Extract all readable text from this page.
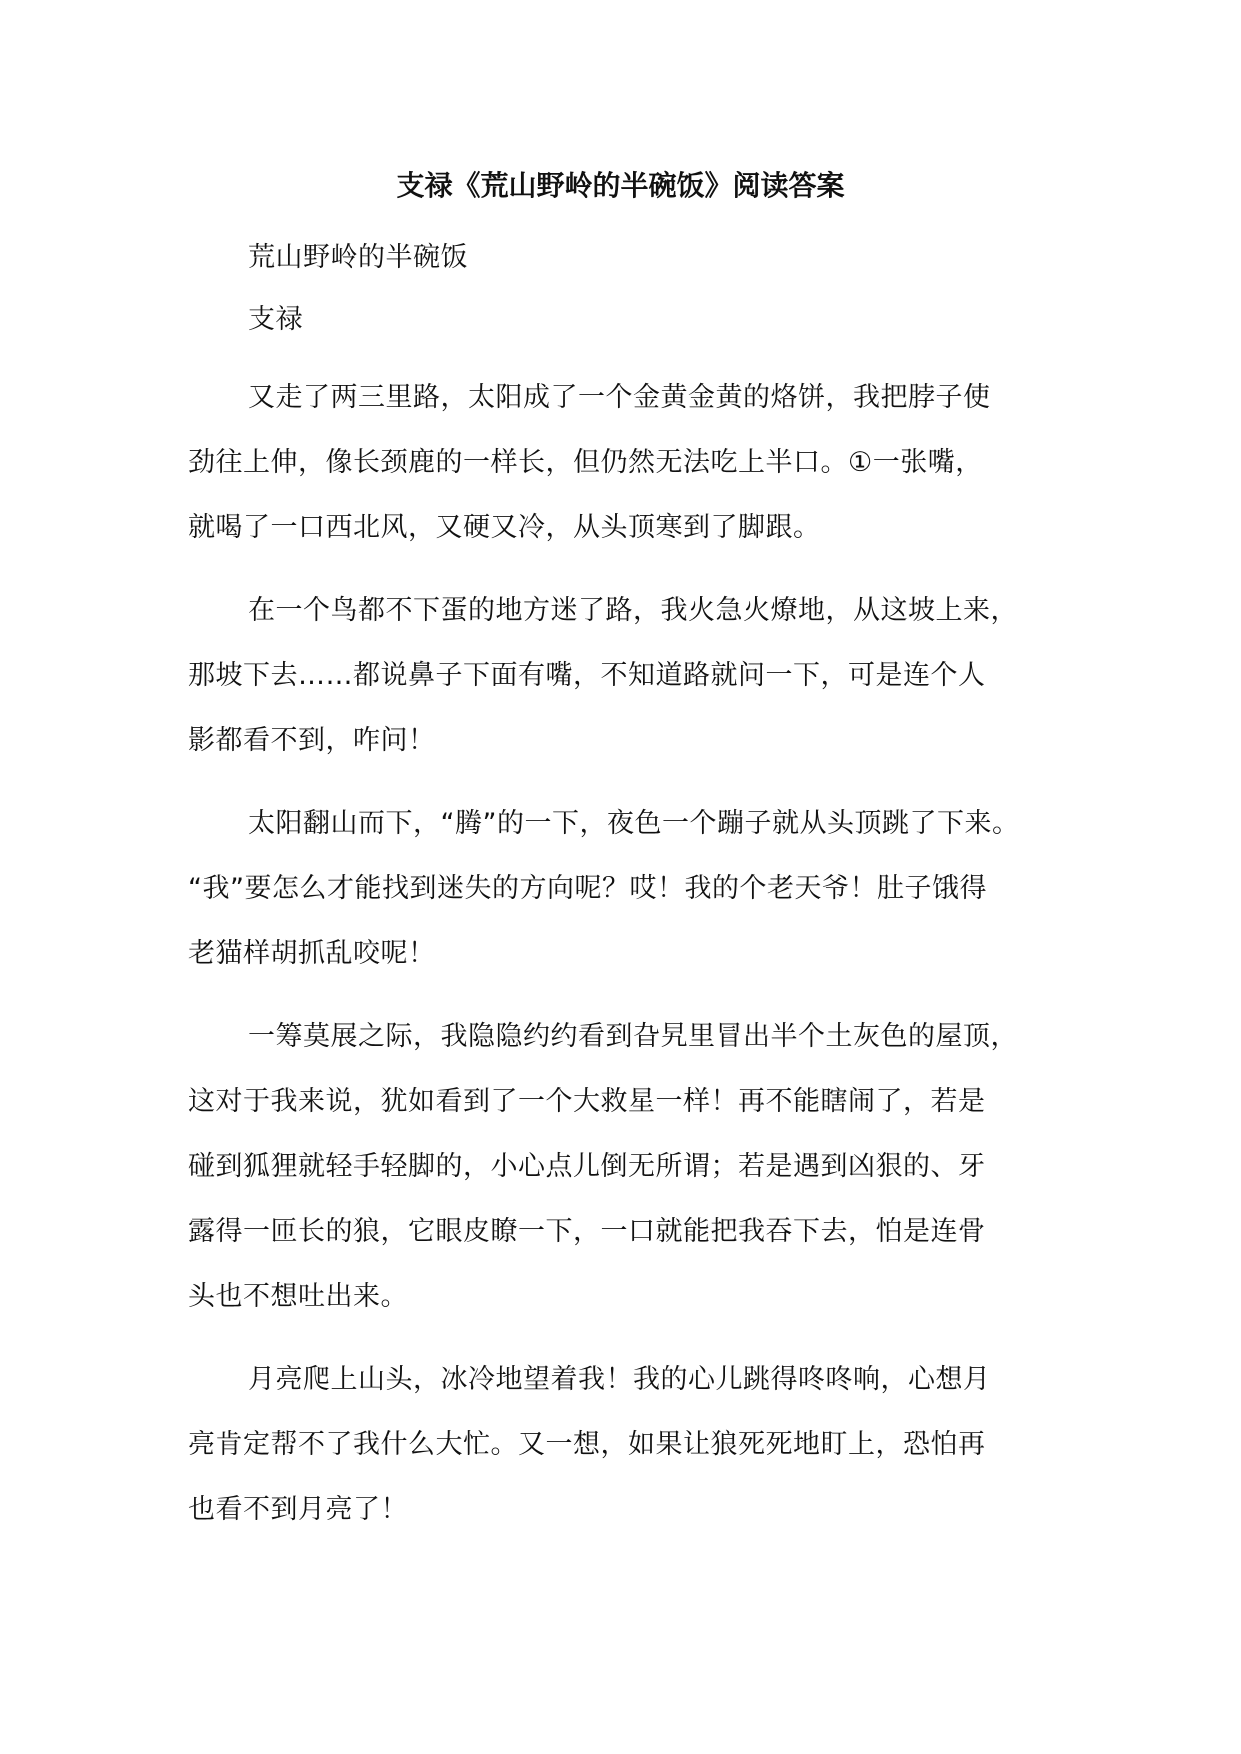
支禄《荒山野岭的半碗饭》阅读答案
荒山野岭的半碗饭
支禄
又走了两三里路，太阳成了一个金黄金黄的烙饼，我把脖子使
劲往上伸，像长颈鹿的一样长，但仍然无法吃上半口。①一张嘴，
就喝了一口西北风，又硬又冷，从头顶寒到了脚跟。
在一个鸟都不下蛋的地方迷了路，我火急火燎地，从这坡上来，
那坡下去……都说鼻子下面有嘴，不知道路就问一下，可是连个人
影都看不到，咋问！
太阳翻山而下，“腾”的一下，夜色一个蹦子就从头顶跳了下来。
“我”要怎么才能找到迷失的方向呢？哎！我的个老天爷！肚子饿得
老猫样胡抓乱咬呢！
一筹莫展之际，我隐隐约约看到旮旯里冒出半个土灰色的屋顶，
这对于我来说，犹如看到了一个大救星一样！再不能瞎闹了，若是
碰到狐狸就轻手轻脚的，小心点儿倒无所谓；若是遇到凶狠的、牙
露得一匝长的狼，它眼皮瞭一下，一口就能把我吞下去，怕是连骨
头也不想吐出来。
月亮爬上山头，冰冷地望着我！我的心儿跳得咚咚响，心想月
亮肯定帮不了我什么大忙。又一想，如果让狼死死地盯上，恐怕再
也看不到月亮了！
